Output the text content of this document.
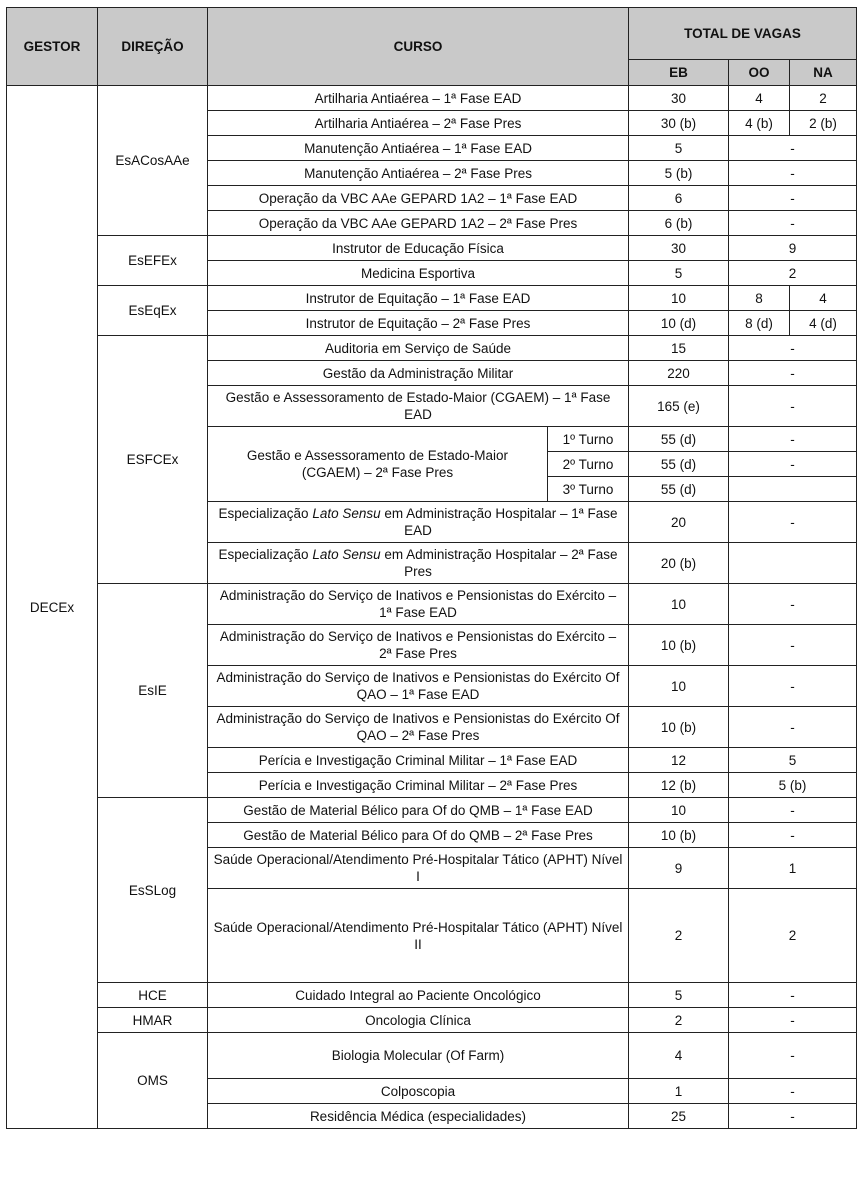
GESTOR	DIREÇÃO	CURSO		TOTAL DE VAGAS		
				EB	OO	NA
DECEx	EsACosAAe	Artilharia Antiaérea – 1ª Fase EAD		30	4	2
		Artilharia Antiaérea – 2ª Fase Pres		30 (b)	4 (b)	2 (b)
		Manutenção Antiaérea – 1ª Fase EAD		5	-	
		Manutenção Antiaérea – 2ª Fase Pres		5 (b)	-	
		Operação da VBC AAe GEPARD 1A2 – 1ª Fase EAD		6	-	
		Operação da VBC AAe GEPARD 1A2 – 2ª Fase Pres		6 (b)	-	
	EsEFEx	Instrutor de Educação Física		30	9	
		Medicina Esportiva		5	2	
	EsEqEx	Instrutor de Equitação – 1ª Fase EAD		10	8	4
		Instrutor de Equitação – 2ª Fase Pres		10 (d)	8 (d)	4 (d)
	ESFCEx	Auditoria em Serviço de Saúde		15	-	
		Gestão da Administração Militar		220	-	
		Gestão e Assessoramento de Estado-Maior (CGAEM) – 1ª Fase EAD		165 (e)	-	
		Gestão e Assessoramento de Estado-Maior (CGAEM) – 2ª Fase Pres	1º Turno	55 (d)	-	
			2º Turno	55 (d)	-	
			3º Turno	55 (d)		
		Especialização Lato Sensu em Administração Hospitalar – 1ª Fase EAD		20	-	
		Especialização Lato Sensu em Administração Hospitalar – 2ª Fase Pres		20 (b)		
	EsIE	Administração do Serviço de Inativos e Pensionistas do Exército – 1ª Fase EAD		10	-	
		Administração do Serviço de Inativos e Pensionistas do Exército – 2ª Fase Pres		10 (b)	-	
		Administração do Serviço de Inativos e Pensionistas do Exército Of QAO – 1ª Fase EAD		10	-	
		Administração do Serviço de Inativos e Pensionistas do Exército Of QAO – 2ª Fase Pres		10 (b)	-	
		Perícia e Investigação Criminal Militar – 1ª Fase EAD		12	5	
		Perícia e Investigação Criminal Militar – 2ª Fase Pres		12 (b)	5 (b)	
	EsSLog	Gestão de Material Bélico para Of do QMB – 1ª Fase EAD		10	-	
		Gestão de Material Bélico para Of do QMB – 2ª Fase Pres		10 (b)	-	
		Saúde Operacional/Atendimento Pré-Hospitalar Tático (APHT) Nível I		9	1	
		Saúde Operacional/Atendimento Pré-Hospitalar Tático (APHT) Nível II		2	2	
	HCE	Cuidado Integral ao Paciente Oncológico		5	-	
	HMAR	Oncologia Clínica		2	-	
	OMS	Biologia Molecular (Of Farm)		4	-	
		Colposcopia		1	-	
		Residência Médica (especialidades)		25	-	
